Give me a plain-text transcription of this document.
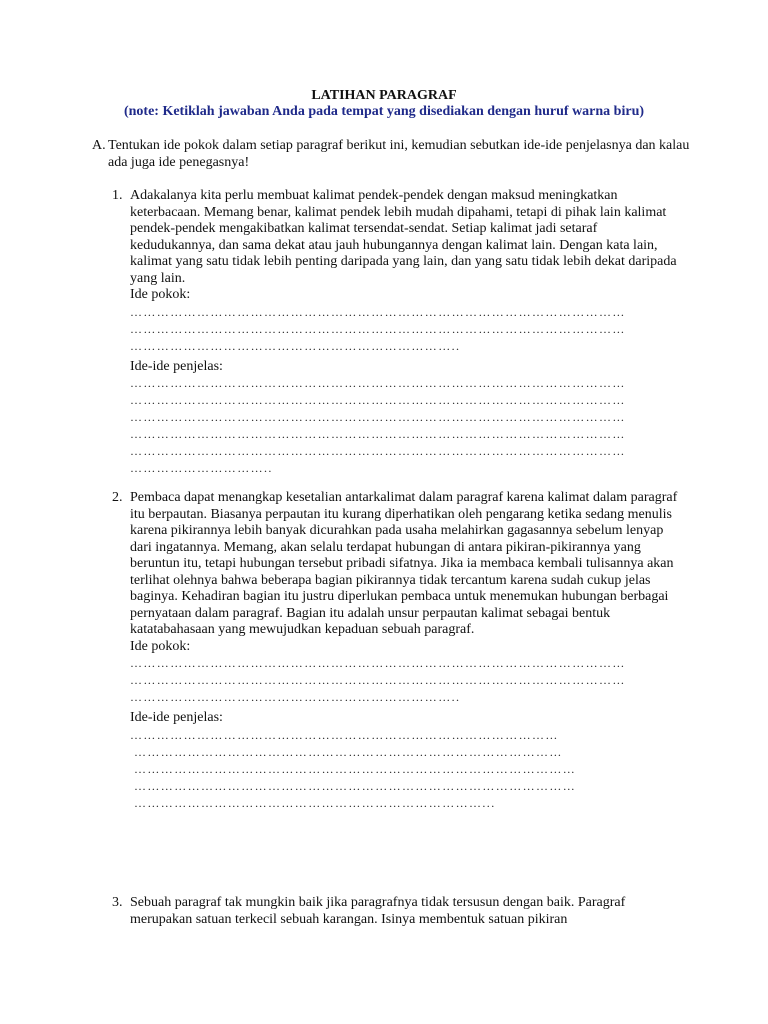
LATIHAN PARAGRAF
(note: Ketiklah jawaban Anda pada tempat yang disediakan dengan huruf warna biru)
A. Tentukan ide pokok dalam setiap paragraf berikut ini, kemudian sebutkan ide-ide penjelasnya dan kalau ada juga ide penegasnya!
1. Adakalanya kita perlu membuat kalimat pendek-pendek dengan maksud meningkatkan keterbacaan. Memang benar, kalimat pendek lebih mudah dipahami, tetapi di pihak lain kalimat pendek-pendek mengakibatkan kalimat tersendat-sendat. Setiap kalimat jadi setaraf kedudukannya, dan sama dekat atau jauh hubungannya dengan kalimat lain. Dengan kata lain, kalimat yang satu tidak lebih penting daripada yang lain, dan yang satu tidak lebih dekat daripada yang lain.

Ide pokok:
…………………………………………………………………………………………………
…………………………………………………………………………………………………
………………………………………………………………..
Ide-ide penjelas:
…………………………………………………………………………………………………
…………………………………………………………………………………………………
…………………………………………………………………………………………………
…………………………………………………………………………………………………
…………………………………………………………………………………………………
…………………………..
2. Pembaca dapat menangkap kesetalian antarkalimat dalam paragraf karena kalimat dalam paragraf itu berpautan. Biasanya perpautan itu kurang diperhatikan oleh pengarang ketika sedang menulis karena pikirannya lebih banyak dicurahkan pada usaha melahirkan gagasannya sebelum lenyap dari ingatannya. Memang, akan selalu terdapat hubungan di antara pikiran-pikirannya yang beruntun itu, tetapi hubungan tersebut pribadi sifatnya. Jika ia membaca kembali tulisannya akan terlihat olehnya bahwa beberapa bagian pikirannya tidak tercantum karena sudah cukup jelas baginya. Kehadiran bagian itu justru diperlukan pembaca untuk menemukan hubungan berbagai pernyataan dalam paragraf. Bagian itu adalah unsur perpautan kalimat sebagai bentuk katatabahasaan yang mewujudkan kepaduan sebuah paragraf.

Ide pokok:
…………………………………………………………………………………………………
…………………………………………………………………………………………………
………………………………………………………………..
Ide-ide penjelas:
……………………………………………………………………………………
……………………………………………………………………………………
………………………………………………………………………………………
………………………………………………………………………………………
……………………………………………………………………...
3. Sebuah paragraf tak mungkin baik jika paragrafnya tidak tersusun dengan baik. Paragraf merupakan satuan terkecil sebuah karangan. Isinya membentuk satuan pikiran
